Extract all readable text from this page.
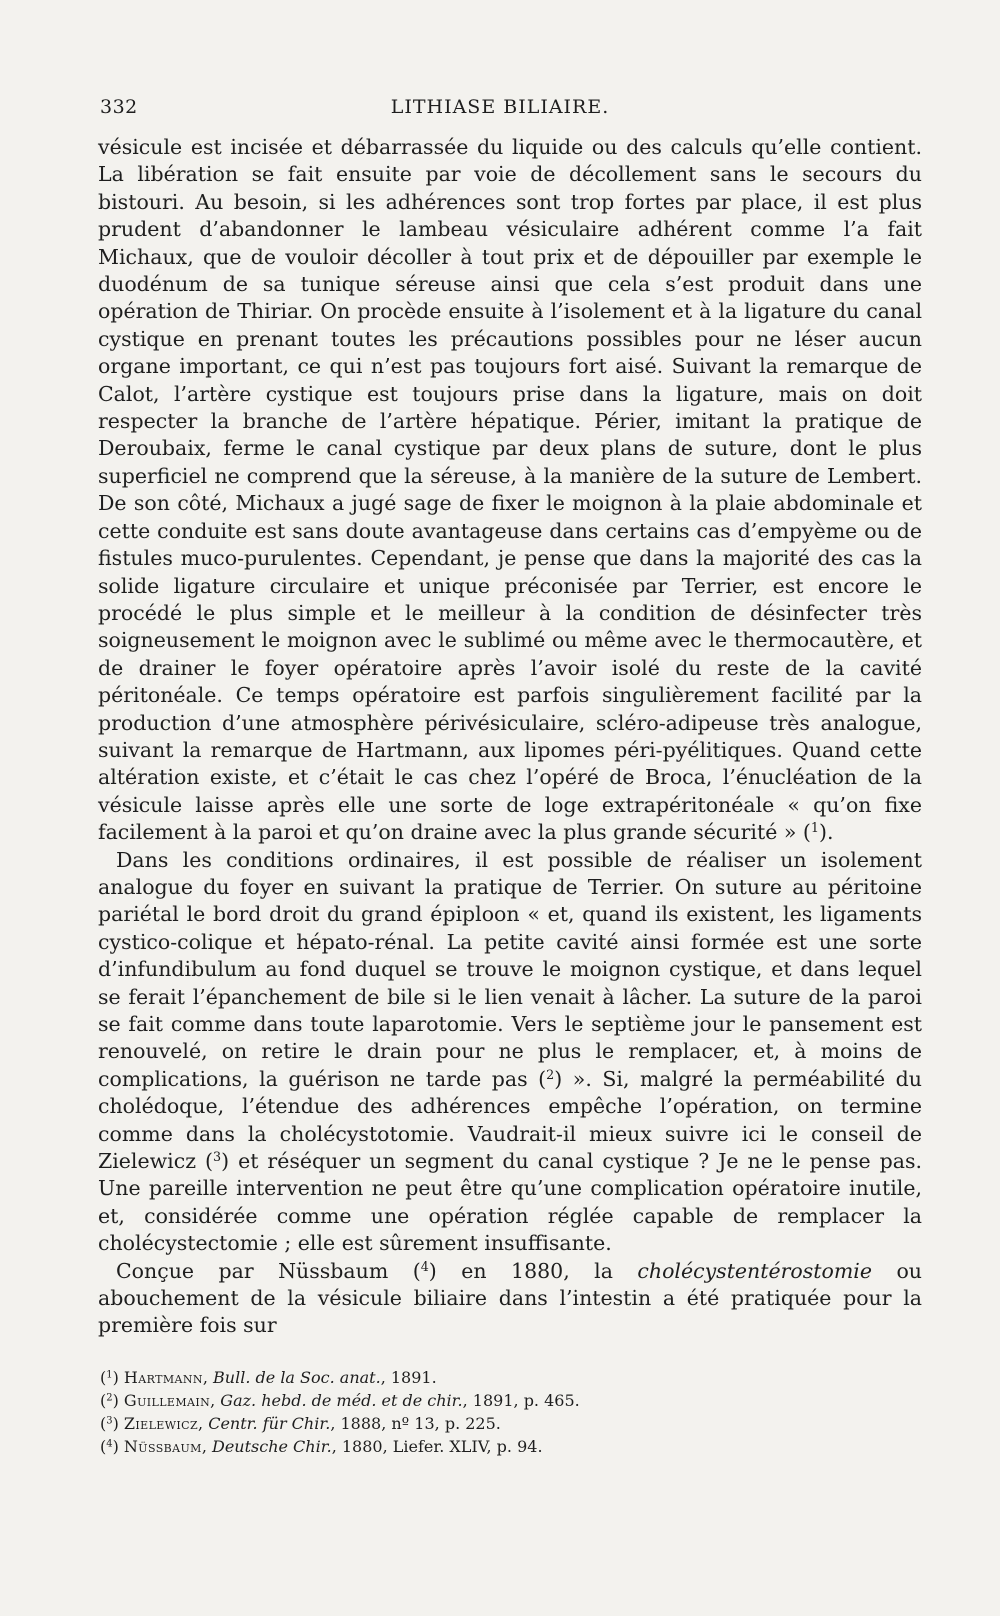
332	LITHIASE BILIAIRE.

vésicule est incisée et débarrassée du liquide ou des calculs qu’elle contient. La libération se fait ensuite par voie de décollement sans le secours du bistouri. Au besoin, si les adhérences sont trop fortes par place, il est plus prudent d’abandonner le lambeau vésiculaire adhérent comme l’a fait Michaux, que de vouloir décoller à tout prix et de dépouiller par exemple le duodénum de sa tunique séreuse ainsi que cela s’est produit dans une opération de Thiriar. On procède ensuite à l’isolement et à la ligature du canal cystique en prenant toutes les précautions possibles pour ne léser aucun organe important, ce qui n’est pas toujours fort aisé. Suivant la remarque de Calot, l’artère cystique est toujours prise dans la ligature, mais on doit respecter la branche de l’artère hépatique. Périer, imitant la pratique de Deroubaix, ferme le canal cystique par deux plans de suture, dont le plus superficiel ne comprend que la séreuse, à la manière de la suture de Lembert. De son côté, Michaux a jugé sage de fixer le moignon à la plaie abdominale et cette conduite est sans doute avantageuse dans certains cas d’empyème ou de fistules muco-purulentes. Cependant, je pense que dans la majorité des cas la solide ligature circulaire et unique préconisée par Terrier, est encore le procédé le plus simple et le meilleur à la condition de désinfecter très soigneusement le moignon avec le sublimé ou même avec le thermocautère, et de drainer le foyer opératoire après l’avoir isolé du reste de la cavité péritonéale. Ce temps opératoire est parfois singulièrement facilité par la production d’une atmosphère périvésiculaire, scléro-adipeuse très analogue, suivant la remarque de Hartmann, aux lipomes péri-pyélitiques. Quand cette altération existe, et c’était le cas chez l’opéré de Broca, l’énucléation de la vésicule laisse après elle une sorte de loge extrapéritonéale « qu’on fixe facilement à la paroi et qu’on draine avec la plus grande sécurité » ($^1$).

Dans les conditions ordinaires, il est possible de réaliser un isolement analogue du foyer en suivant la pratique de Terrier. On suture au péritoine pariétal le bord droit du grand épiploon « et, quand ils existent, les ligaments cystico-colique et hépato-rénal. La petite cavité ainsi formée est une sorte d’infundibulum au fond duquel se trouve le moignon cystique, et dans lequel se ferait l’épanchement de bile si le lien venait à lâcher. La suture de la paroi se fait comme dans toute laparotomie. Vers le septième jour le pansement est renouvelé, on retire le drain pour ne plus le remplacer, et, à moins de complications, la guérison ne tarde pas ($^2$) ». Si, malgré la perméabilité du cholédoque, l’étendue des adhérences empêche l’opération, on termine comme dans la cholécystotomie. Vaudrait-il mieux suivre ici le conseil de Zielewicz ($^3$) et réséquer un segment du canal cystique ? Je ne le pense pas. Une pareille intervention ne peut être qu’une complication opératoire inutile, et, considérée comme une opération réglée capable de remplacer la cholécystectomie ; elle est sûrement insuffisante.

Conçue par Nüssbaum ($^4$) en 1880, la cholécystentérostomie ou abouchement de la vésicule biliaire dans l’intestin a été pratiquée pour la première fois sur

($^1$) Hartmann, Bull. de la Soc. anat., 1891.
($^2$) Guillemain, Gaz. hebd. de méd. et de chir., 1891, p. 465.
($^3$) Zielewicz, Centr. für Chir., 1888, nº 13, p. 225.
($^4$) Nüssbaum, Deutsche Chir., 1880, Liefer. XLIV, p. 94.
